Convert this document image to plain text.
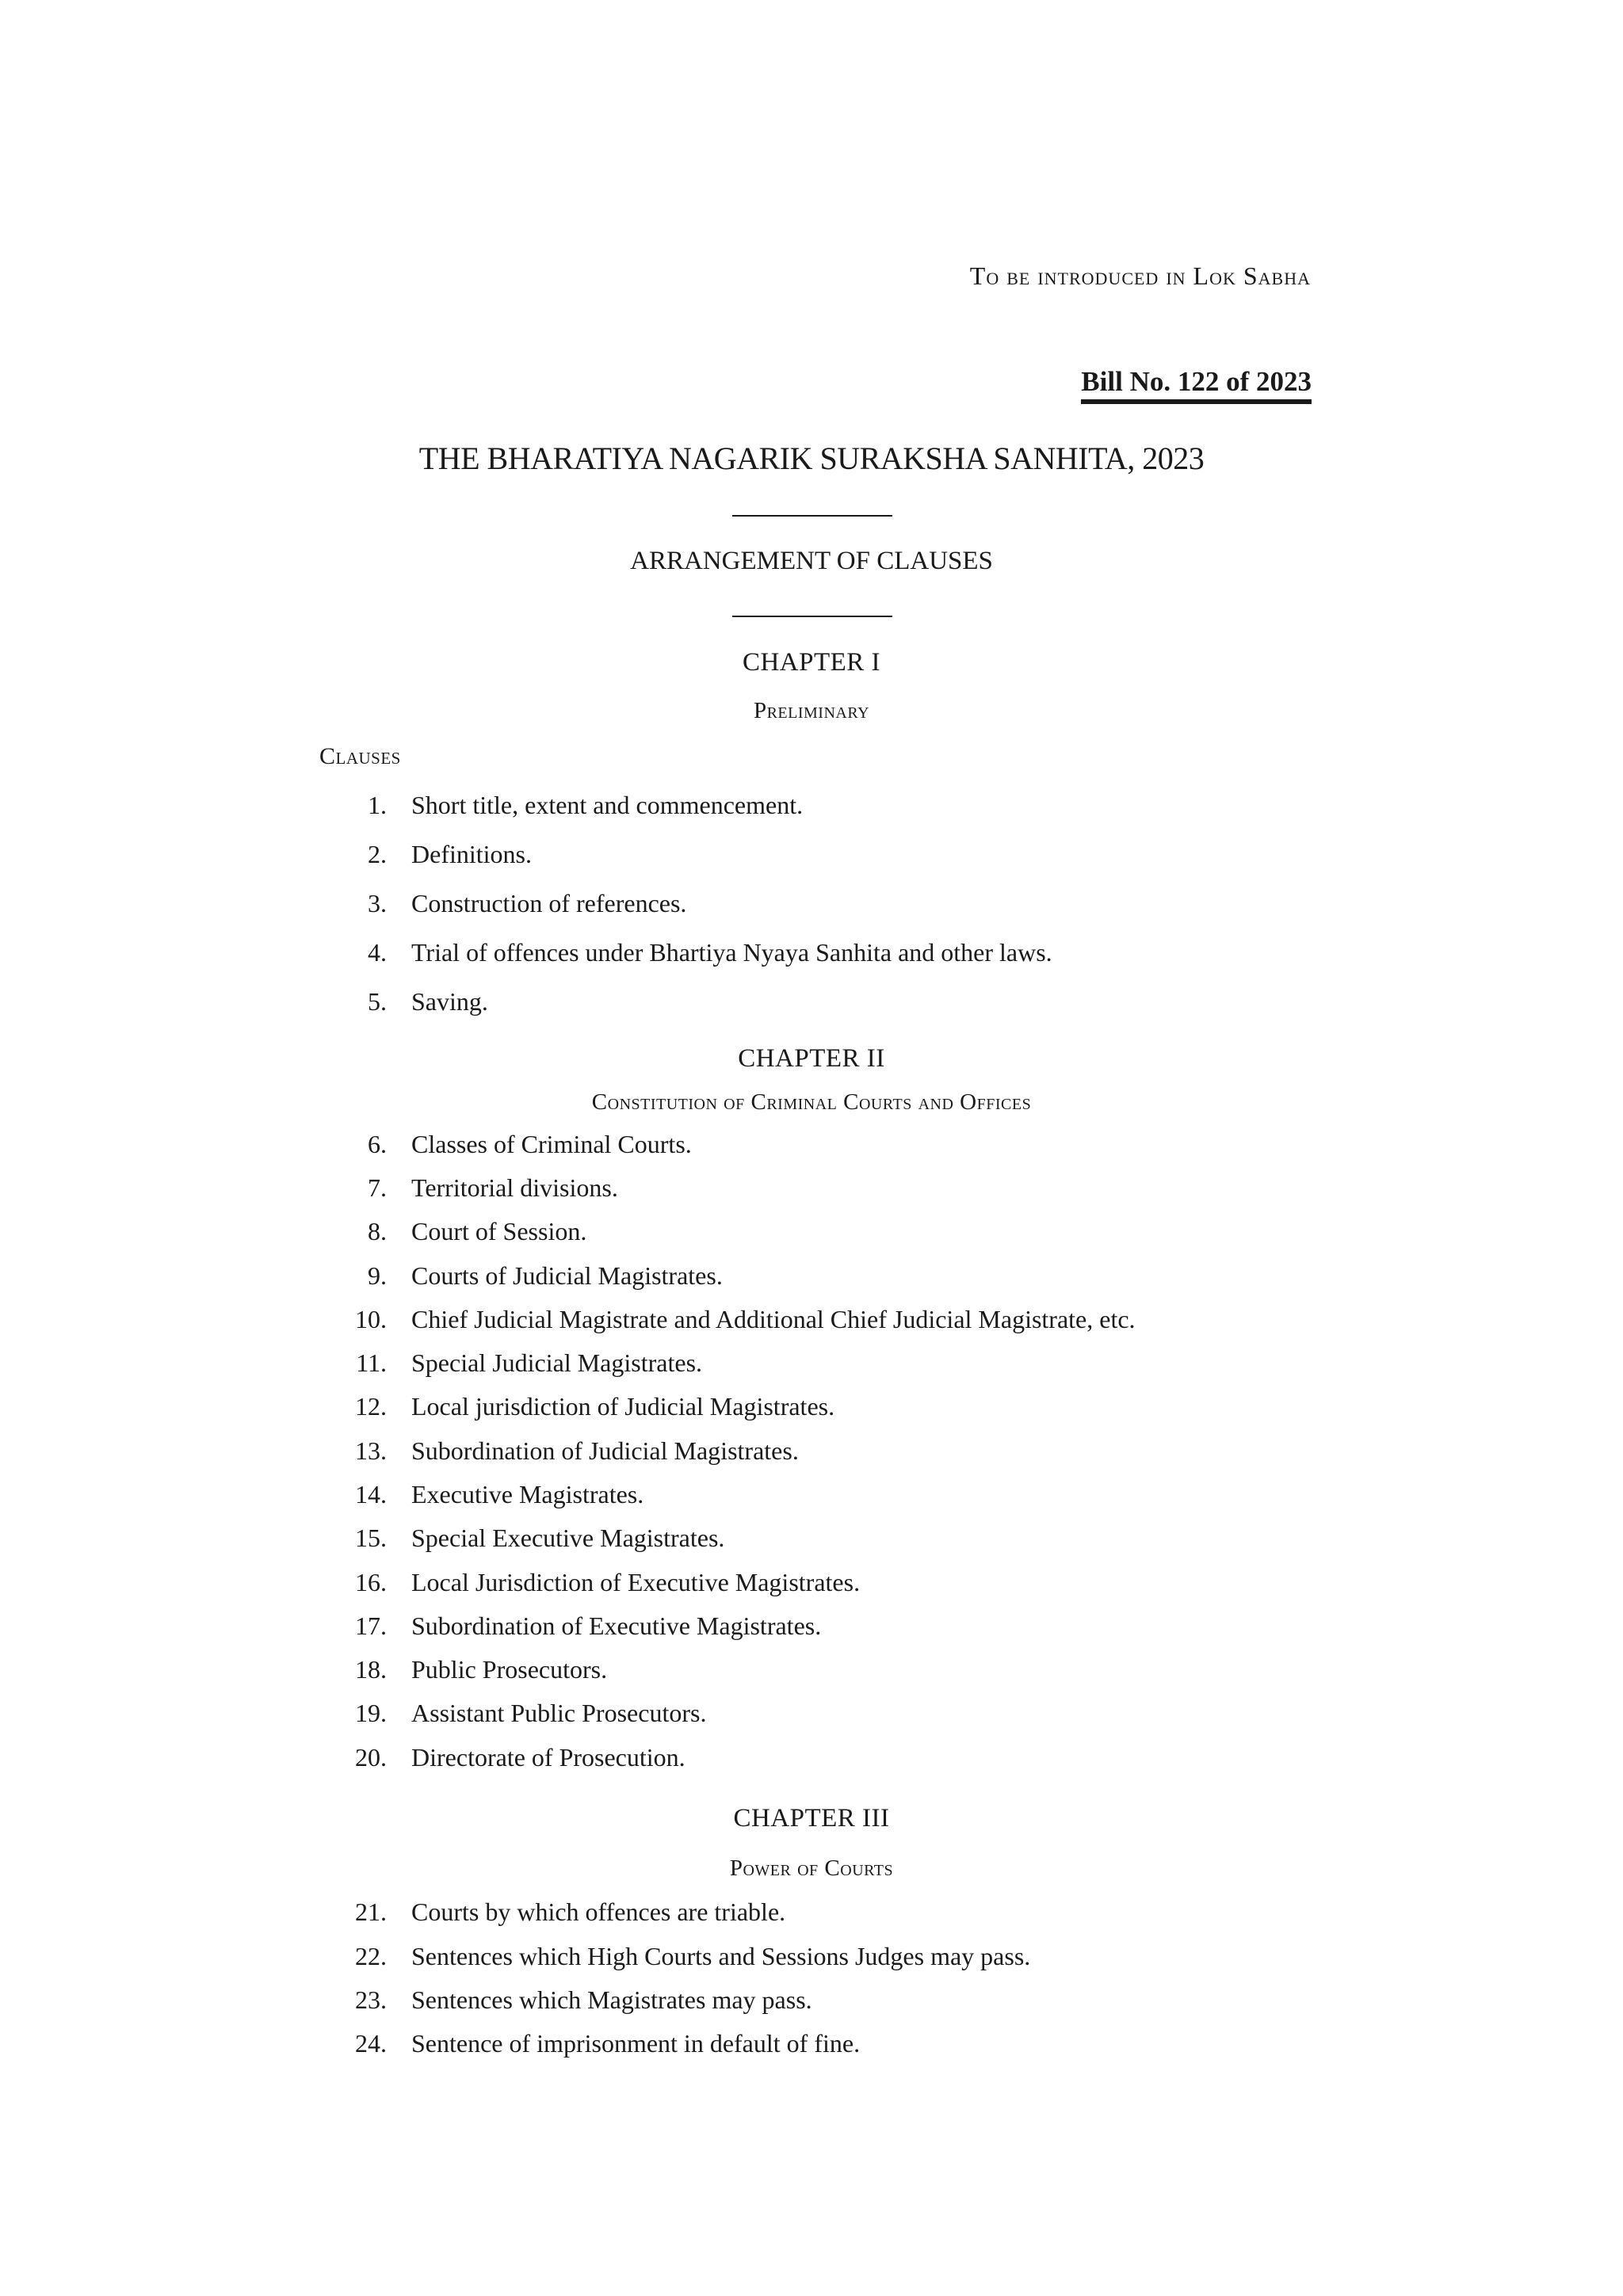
To be introduced in Lok Sabha
Bill No. 122 of 2023
THE BHARATIYA NAGARIK SURAKSHA SANHITA, 2023
ARRANGEMENT OF CLAUSES
CHAPTER I
Preliminary
Clauses
1. Short title, extent and commencement.
2. Definitions.
3. Construction of references.
4. Trial of offences under Bhartiya Nyaya Sanhita and other laws.
5. Saving.
CHAPTER II
Constitution of Criminal Courts and Offices
6. Classes of Criminal Courts.
7. Territorial divisions.
8. Court of Session.
9. Courts of Judicial Magistrates.
10. Chief Judicial Magistrate and Additional Chief Judicial Magistrate, etc.
11. Special Judicial Magistrates.
12. Local jurisdiction of Judicial Magistrates.
13. Subordination of Judicial Magistrates.
14. Executive Magistrates.
15. Special Executive Magistrates.
16. Local Jurisdiction of Executive Magistrates.
17. Subordination of Executive Magistrates.
18. Public Prosecutors.
19. Assistant Public Prosecutors.
20. Directorate of Prosecution.
CHAPTER III
Power of Courts
21. Courts by which offences are triable.
22. Sentences which High Courts and Sessions Judges may pass.
23. Sentences which Magistrates may pass.
24. Sentence of imprisonment in default of fine.
